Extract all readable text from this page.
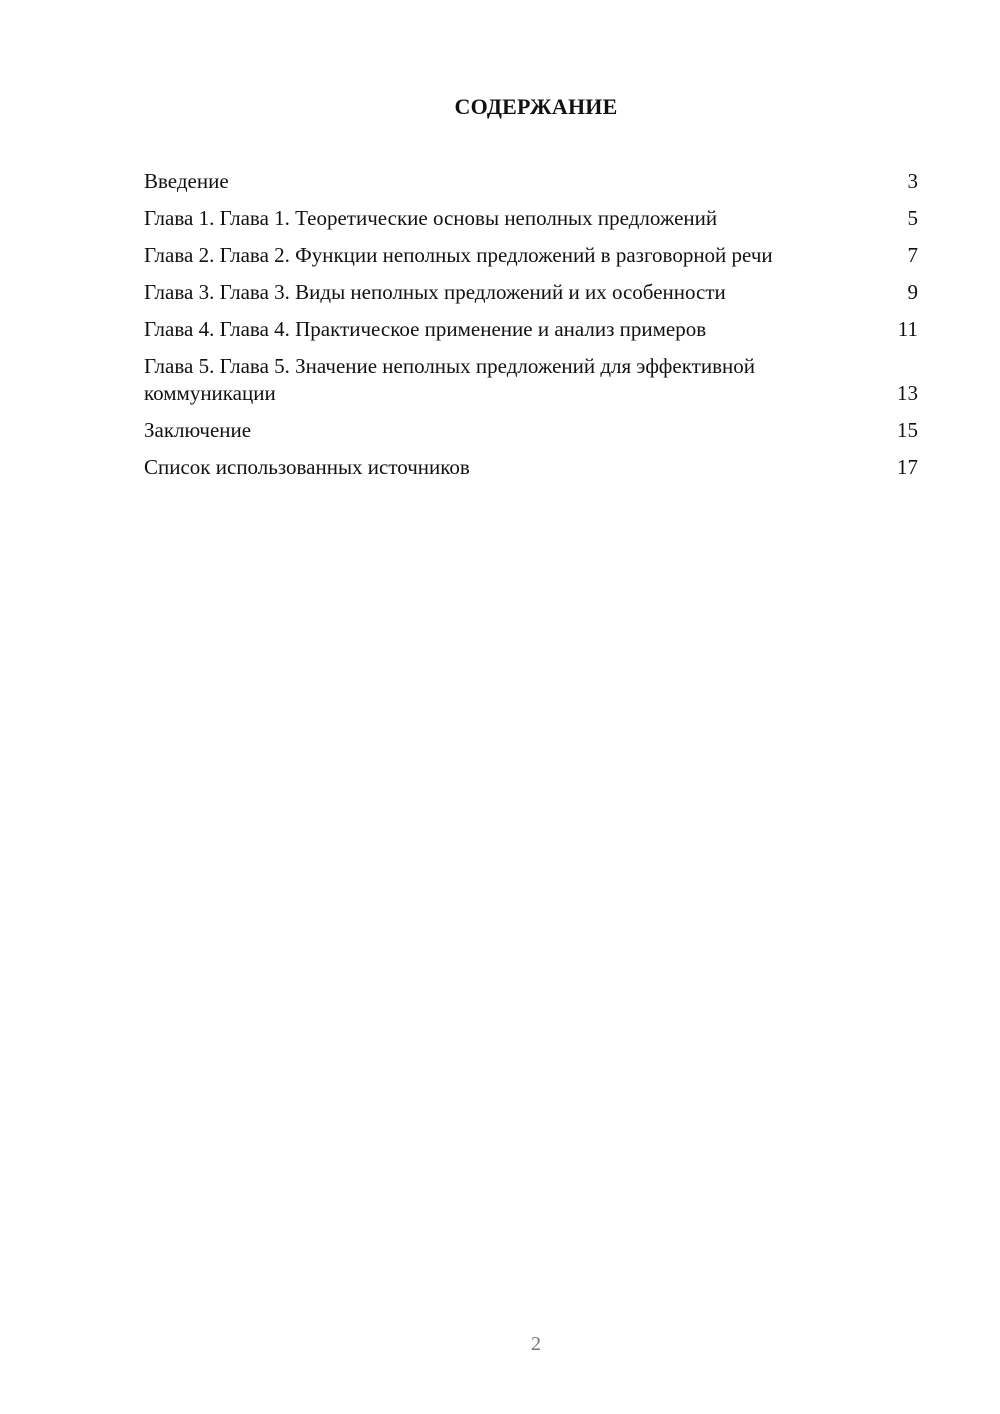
СОДЕРЖАНИЕ
Введение	3
Глава 1. Глава 1. Теоретические основы неполных предложений	5
Глава 2. Глава 2. Функции неполных предложений в разговорной речи	7
Глава 3. Глава 3. Виды неполных предложений и их особенности	9
Глава 4. Глава 4. Практическое применение и анализ примеров	11
Глава 5. Глава 5. Значение неполных предложений для эффективной коммуникации	13
Заключение	15
Список использованных источников	17
2
